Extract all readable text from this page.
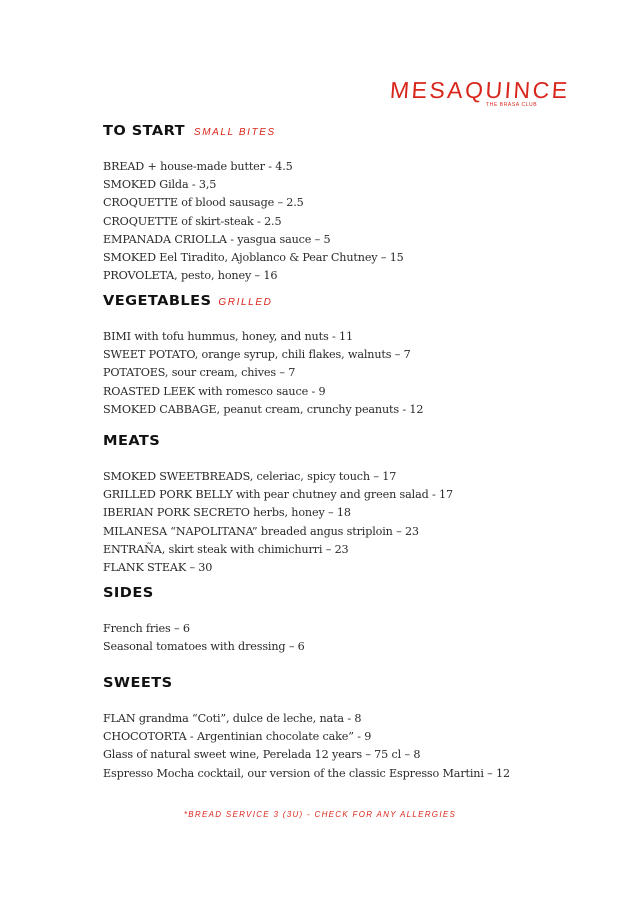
MESAQUINCE
THE BRASA CLUB
TO START SMALL BITES
BREAD + house-made butter - 4.5
SMOKED Gilda - 3,5
CROQUETTE of blood sausage – 2.5
CROQUETTE of skirt-steak - 2.5
EMPANADA CRIOLLA - yasgua sauce – 5
SMOKED Eel Tiradito, Ajoblanco & Pear Chutney – 15
PROVOLETA, pesto, honey – 16
VEGETABLES GRILLED
BIMI with tofu hummus, honey, and nuts - 11
SWEET POTATO, orange syrup, chili flakes, walnuts – 7
POTATOES, sour cream, chives – 7
ROASTED LEEK with romesco sauce - 9
SMOKED CABBAGE, peanut cream, crunchy peanuts - 12
MEATS
SMOKED SWEETBREADS, celeriac, spicy touch – 17
GRILLED PORK BELLY with pear chutney and green salad - 17
IBERIAN PORK SECRETO herbs, honey – 18
MILANESA “NAPOLITANA” breaded angus striploin – 23
ENTRAÑA, skirt steak with chimichurri – 23
FLANK STEAK – 30
SIDES
French fries – 6
Seasonal tomatoes with dressing – 6
SWEETS
FLAN grandma “Coti”, dulce de leche, nata - 8
CHOCOTORTA - Argentinian chocolate cake” - 9
Glass of natural sweet wine, Perelada 12 years – 75 cl – 8
Espresso Mocha cocktail, our version of the classic Espresso Martini – 12
*BREAD SERVICE 3 (3U) - CHECK FOR ANY ALLERGIES
